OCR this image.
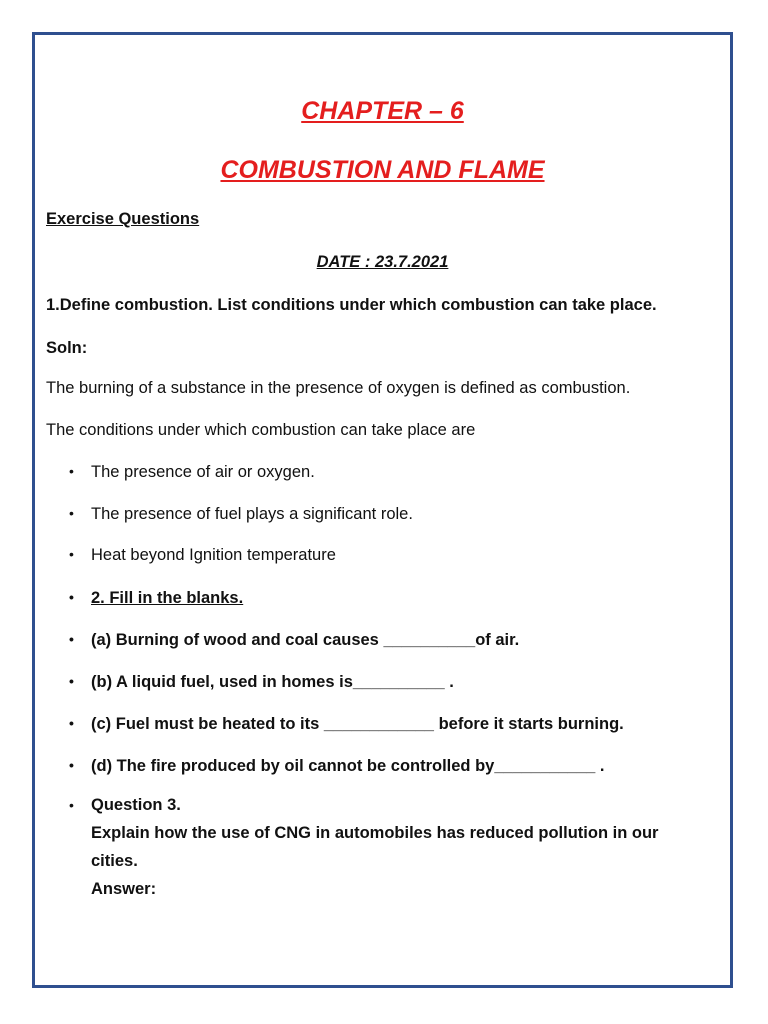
CHAPTER – 6
COMBUSTION AND FLAME
Exercise Questions
DATE : 23.7.2021
1.Define combustion. List conditions under which combustion can take place.
Soln:
The burning of a substance in the presence of oxygen is defined as combustion.
The conditions under which combustion can take place are
• The presence of air or oxygen.
• The presence of fuel plays a significant role.
• Heat beyond Ignition temperature
• 2. Fill in the blanks.
• (a) Burning of wood and coal causes __________of air.
• (b) A liquid fuel, used in homes is__________ .
• (c) Fuel must be heated to its ____________ before it starts burning.
• (d) The fire produced by oil cannot be controlled by___________ .
• Question 3.
Explain how the use of CNG in automobiles has reduced pollution in our
cities.
Answer:
